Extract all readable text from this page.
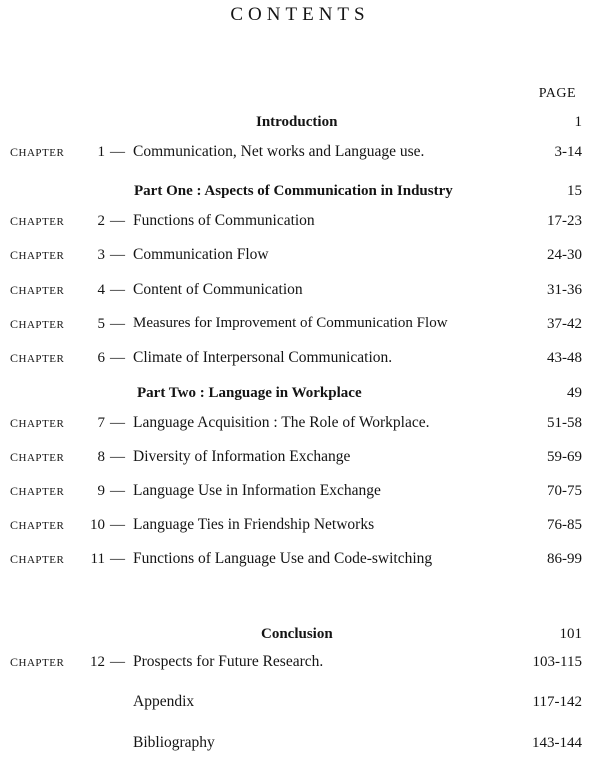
CONTENTS
PAGE
Introduction	1
CHAPTER	1 — Communication, Net works and Language use.	3-14
Part One : Aspects of Communication in Industry	15
CHAPTER	2 — Functions of Communication	17-23
CHAPTER	3 — Communication Flow	24-30
CHAPTER	4 — Content of Communication	31-36
CHAPTER	5 — Measures for Improvement of Communication Flow	37-42
CHAPTER	6 — Climate of Interpersonal Communication.	43-48
Part Two : Language in Workplace	49
CHAPTER	7 — Language Acquisition : The Role of Workplace.	51-58
CHAPTER	8 — Diversity of Information Exchange	59-69
CHAPTER	9 — Language Use in Information Exchange	70-75
CHAPTER	10 — Language Ties in Friendship Networks	76-85
CHAPTER	11 — Functions of Language Use and Code-switching	86-99
Conclusion	101
CHAPTER	12 — Prospects for Future Research.	103-115
Appendix	117-142
Bibliography	143-144
